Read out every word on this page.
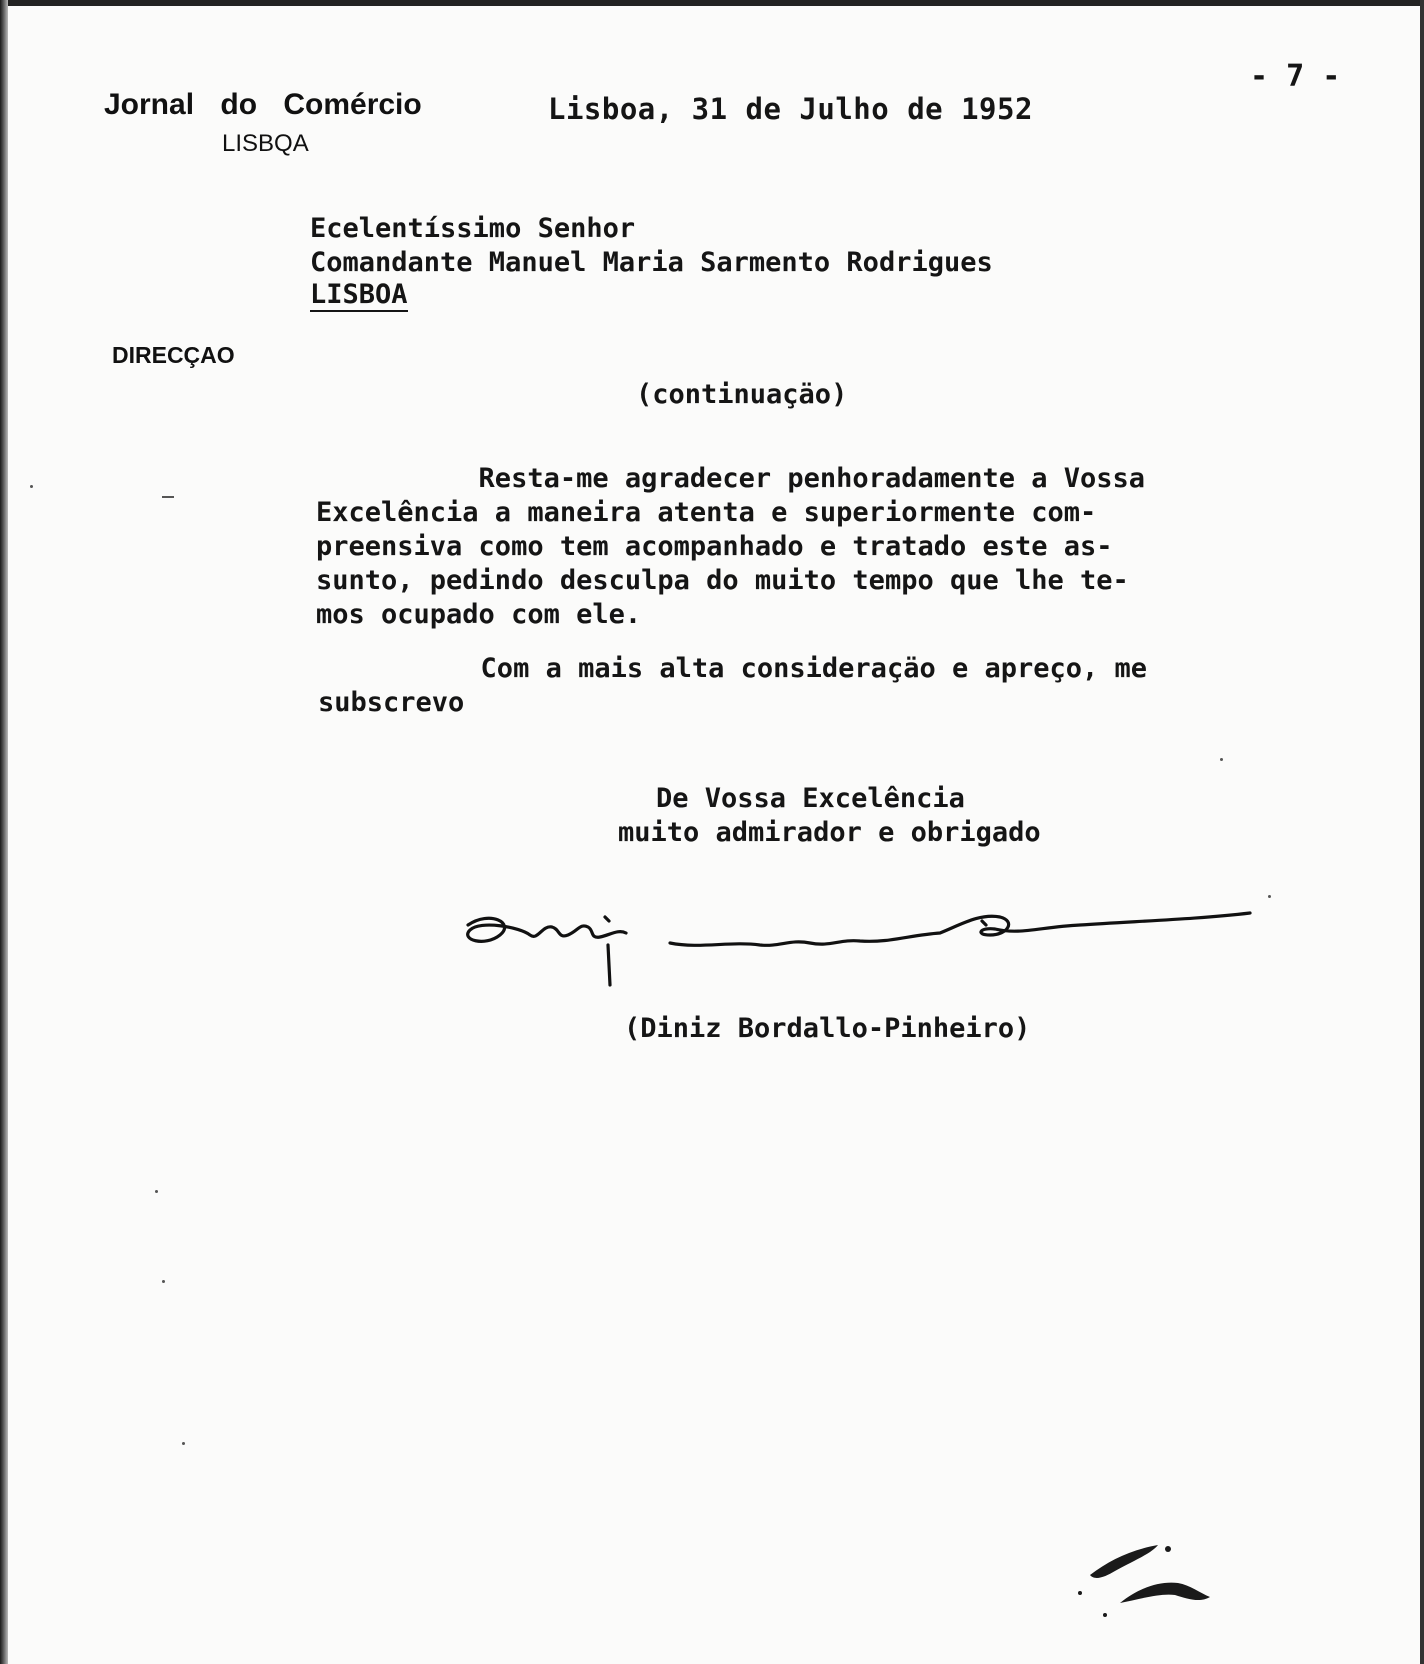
Jornal do Comércio
LISBQA
DIRECÇAO
- 7 -
Lisboa, 31 de Julho de 1952
Ecelentíssimo Senhor
Comandante Manuel Maria Sarmento Rodrigues
LISBOA
(continuaçäo)
Resta-me agradecer penhoradamente a Vossa
Excelência a maneira atenta e superiormente com-
preensiva como tem acompanhado e tratado este as-
sunto, pedindo desculpa do muito tempo que lhe te-
mos ocupado com ele.
Com a mais alta consideraçäo e apreço, me
subscrevo
De Vossa Excelência
muito admirador e obrigado
(Diniz Bordallo-Pinheiro)
